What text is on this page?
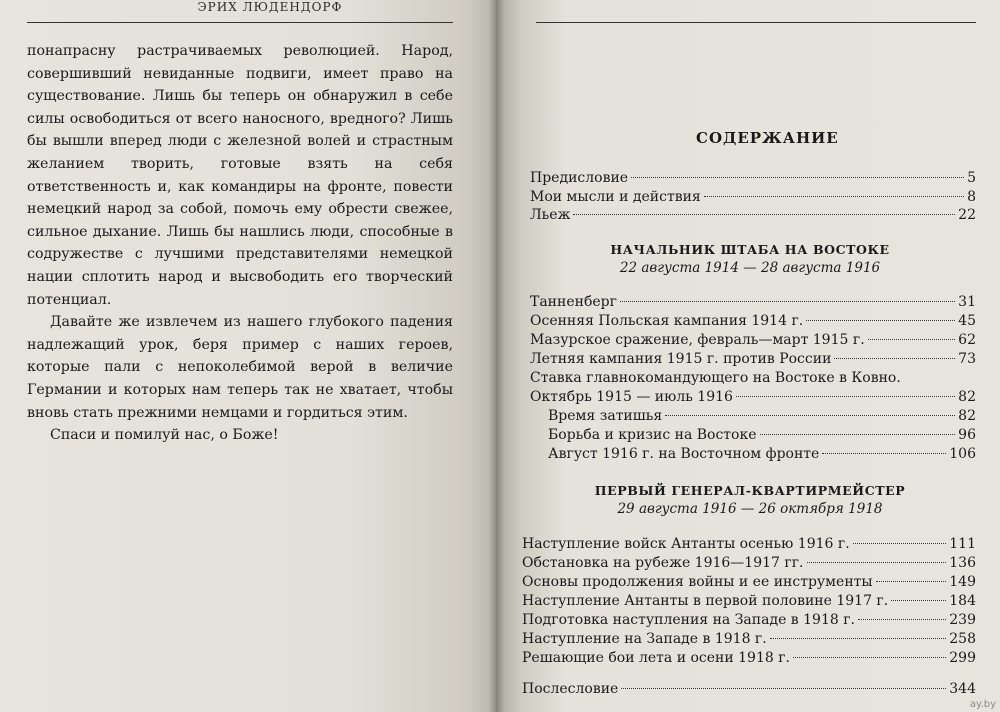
ЭРИХ ЛЮДЕНДОРФ

понапрасну растрачиваемых революцией. Народ, совершивший невиданные подвиги, имеет право на существование. Лишь бы теперь он обнаружил в себе силы освободиться от всего наносного, вредного? Лишь бы вышли вперед люди с железной волей и страстным желанием творить, готовые взять на себя ответственность и, как командиры на фронте, повести немецкий народ за собой, помочь ему обрести свежее, сильное дыхание. Лишь бы нашлись люди, способные в содружестве с лучшими представителями немецкой нации сплотить народ и высвободить его творческий потенциал.

Давайте же извлечем из нашего глубокого падения надлежащий урок, беря пример с наших героев, которые пали с непоколебимой верой в величие Германии и которых нам теперь так не хватает, чтобы вновь стать прежними немцами и гордиться этим.

Спаси и помилуй нас, о Боже!

СОДЕРЖАНИЕ
Предисловие	5
Мои мысли и действия	8
Льеж	22
НАЧАЛЬНИК ШТАБА НА ВОСТОКЕ
22 августа 1914 — 28 августа 1916
Танненберг	31
Осенняя Польская кампания 1914 г.	45
Мазурское сражение, февраль—март 1915 г.	62
Летняя кампания 1915 г. против России	73
Ставка главнокомандующего на Востоке в Ковно.
Октябрь 1915 — июль 1916	82
Время затишья	82
Борьба и кризис на Востоке	96
Август 1916 г. на Восточном фронте	106
ПЕРВЫЙ ГЕНЕРАЛ-КВАРТИРМЕЙСТЕР
29 августа 1916 — 26 октября 1918
Наступление войск Антанты осенью 1916 г.	111
Обстановка на рубеже 1916—1917 гг.	136
Основы продолжения войны и ее инструменты	149
Наступление Антанты в первой половине 1917 г.	184
Подготовка наступления на Западе в 1918 г.	239
Наступление на Западе в 1918 г.	258
Решающие бои лета и осени 1918 г.	299
Послесловие	344
ay.by
